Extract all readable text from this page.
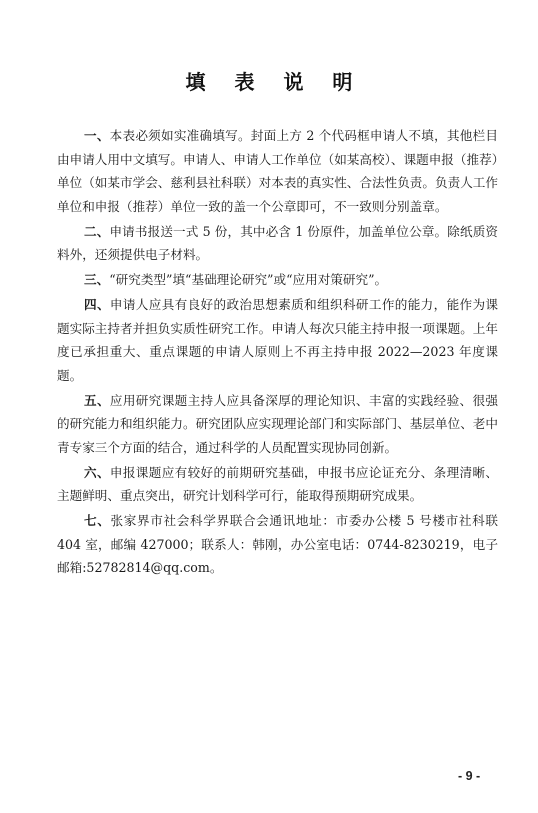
填 表 说 明

一、本表必须如实准确填写。封面上方 2 个代码框申请人不填，其他栏目由申请人用中文填写。申请人、申请人工作单位（如某高校）、课题申报（推荐）单位（如某市学会、慈利县社科联）对本表的真实性、合法性负责。负责人工作单位和申报（推荐）单位一致的盖一个公章即可，不一致则分别盖章。

二、申请书报送一式 5 份，其中必含 1 份原件，加盖单位公章。除纸质资料外，还须提供电子材料。

三、“研究类型”填“基础理论研究”或“应用对策研究”。

四、申请人应具有良好的政治思想素质和组织科研工作的能力，能作为课题实际主持者并担负实质性研究工作。申请人每次只能主持申报一项课题。上年度已承担重大、重点课题的申请人原则上不再主持申报 2022—2023 年度课题。

五、应用研究课题主持人应具备深厚的理论知识、丰富的实践经验、很强的研究能力和组织能力。研究团队应实现理论部门和实际部门、基层单位、老中青专家三个方面的结合，通过科学的人员配置实现协同创新。

六、申报课题应有较好的前期研究基础，申报书应论证充分、条理清晰、主题鲜明、重点突出，研究计划科学可行，能取得预期研究成果。

七、张家界市社会科学界联合会通讯地址：市委办公楼 5 号楼市社科联 404 室，邮编 427000；联系人：韩刚，办公室电话：0744-8230219，电子邮箱:52782814@qq.com。

- 9 -
